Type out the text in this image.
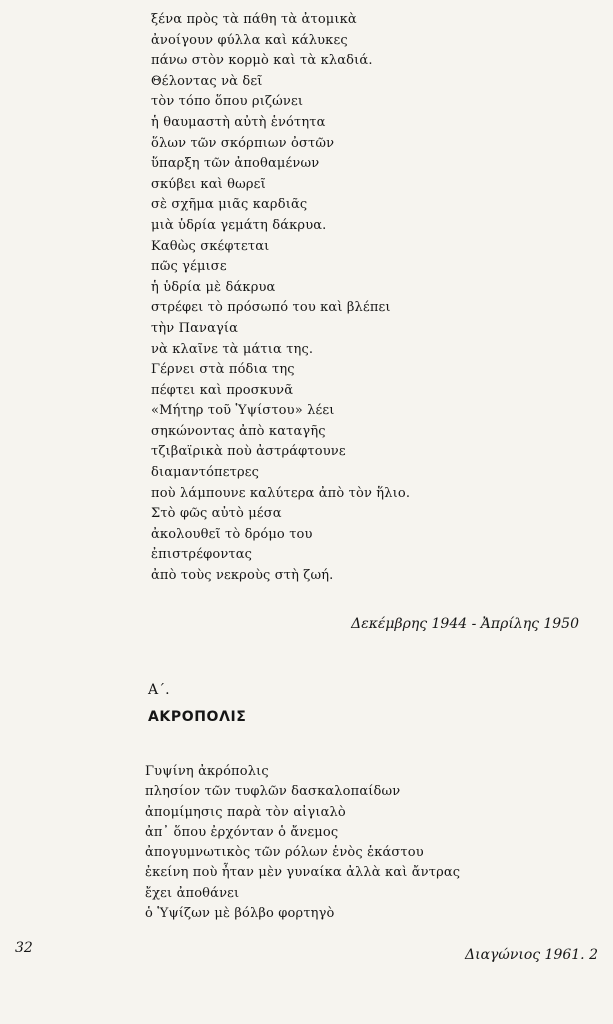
ξένα πρὸς τὰ πάθη τὰ ἀτομικὰ
ἀνοίγουν φύλλα καὶ κάλυκες
πάνω στὸν κορμὸ καὶ τὰ κλαδιά.
Θέλοντας νὰ δεῖ
τὸν τόπο ὅπου ριζώνει
ἡ θαυμαστὴ αὐτὴ ἑνότητα
ὅλων τῶν σκόρπιων ὀστῶν
ὕπαρξη τῶν ἀποθαμένων
σκύβει καὶ θωρεῖ
σὲ σχῆμα μιᾶς καρδιᾶς
μιὰ ὑδρία γεμάτη δάκρυα.
Καθὼς σκέφτεται
πῶς γέμισε
ἡ ὑδρία μὲ δάκρυα
στρέφει τὸ πρόσωπό του καὶ βλέπει
τὴν Παναγία
νὰ κλαῖνε τὰ μάτια της.
Γέρνει στὰ πόδια της
πέφτει καὶ προσκυνᾶ
«Μήτηρ τοῦ Ὑψίστου» λέει
σηκώνοντας ἀπὸ καταγῆς
τζιβαϊρικὰ ποὺ ἀστράφτουνε
διαμαντόπετρες
ποὺ λάμπουνε καλύτερα ἀπὸ τὸν ἥλιο.
Στὸ φῶς αὐτὸ μέσα
ἀκολουθεῖ τὸ δρόμο του
ἐπιστρέφοντας
ἀπὸ τοὺς νεκροὺς στὴ ζωή.
Δεκέμβρης 1944 - Ἀπρίλης 1950
Α΄.
ΑΚΡΟΠΟΛΙΣ
Γυψίνη ἀκρόπολις
πλησίον τῶν τυφλῶν δασκαλοπαίδων
ἀπομίμησις παρὰ τὸν αἰγιαλὸ
ἀπ᾿ ὅπου ἐρχόνταν ὁ ἄνεμος
ἀπογυμνωτικὸς τῶν ρόλων ἑνὸς ἑκάστου
ἐκείνη ποὺ ἦταν μὲν γυναίκα ἀλλὰ καὶ ἄντρας
ἔχει ἀποθάνει
ὁ Ὑψίζων μὲ βόλβο φορτηγὸ
32	Διαγώνιος 1961. 2
